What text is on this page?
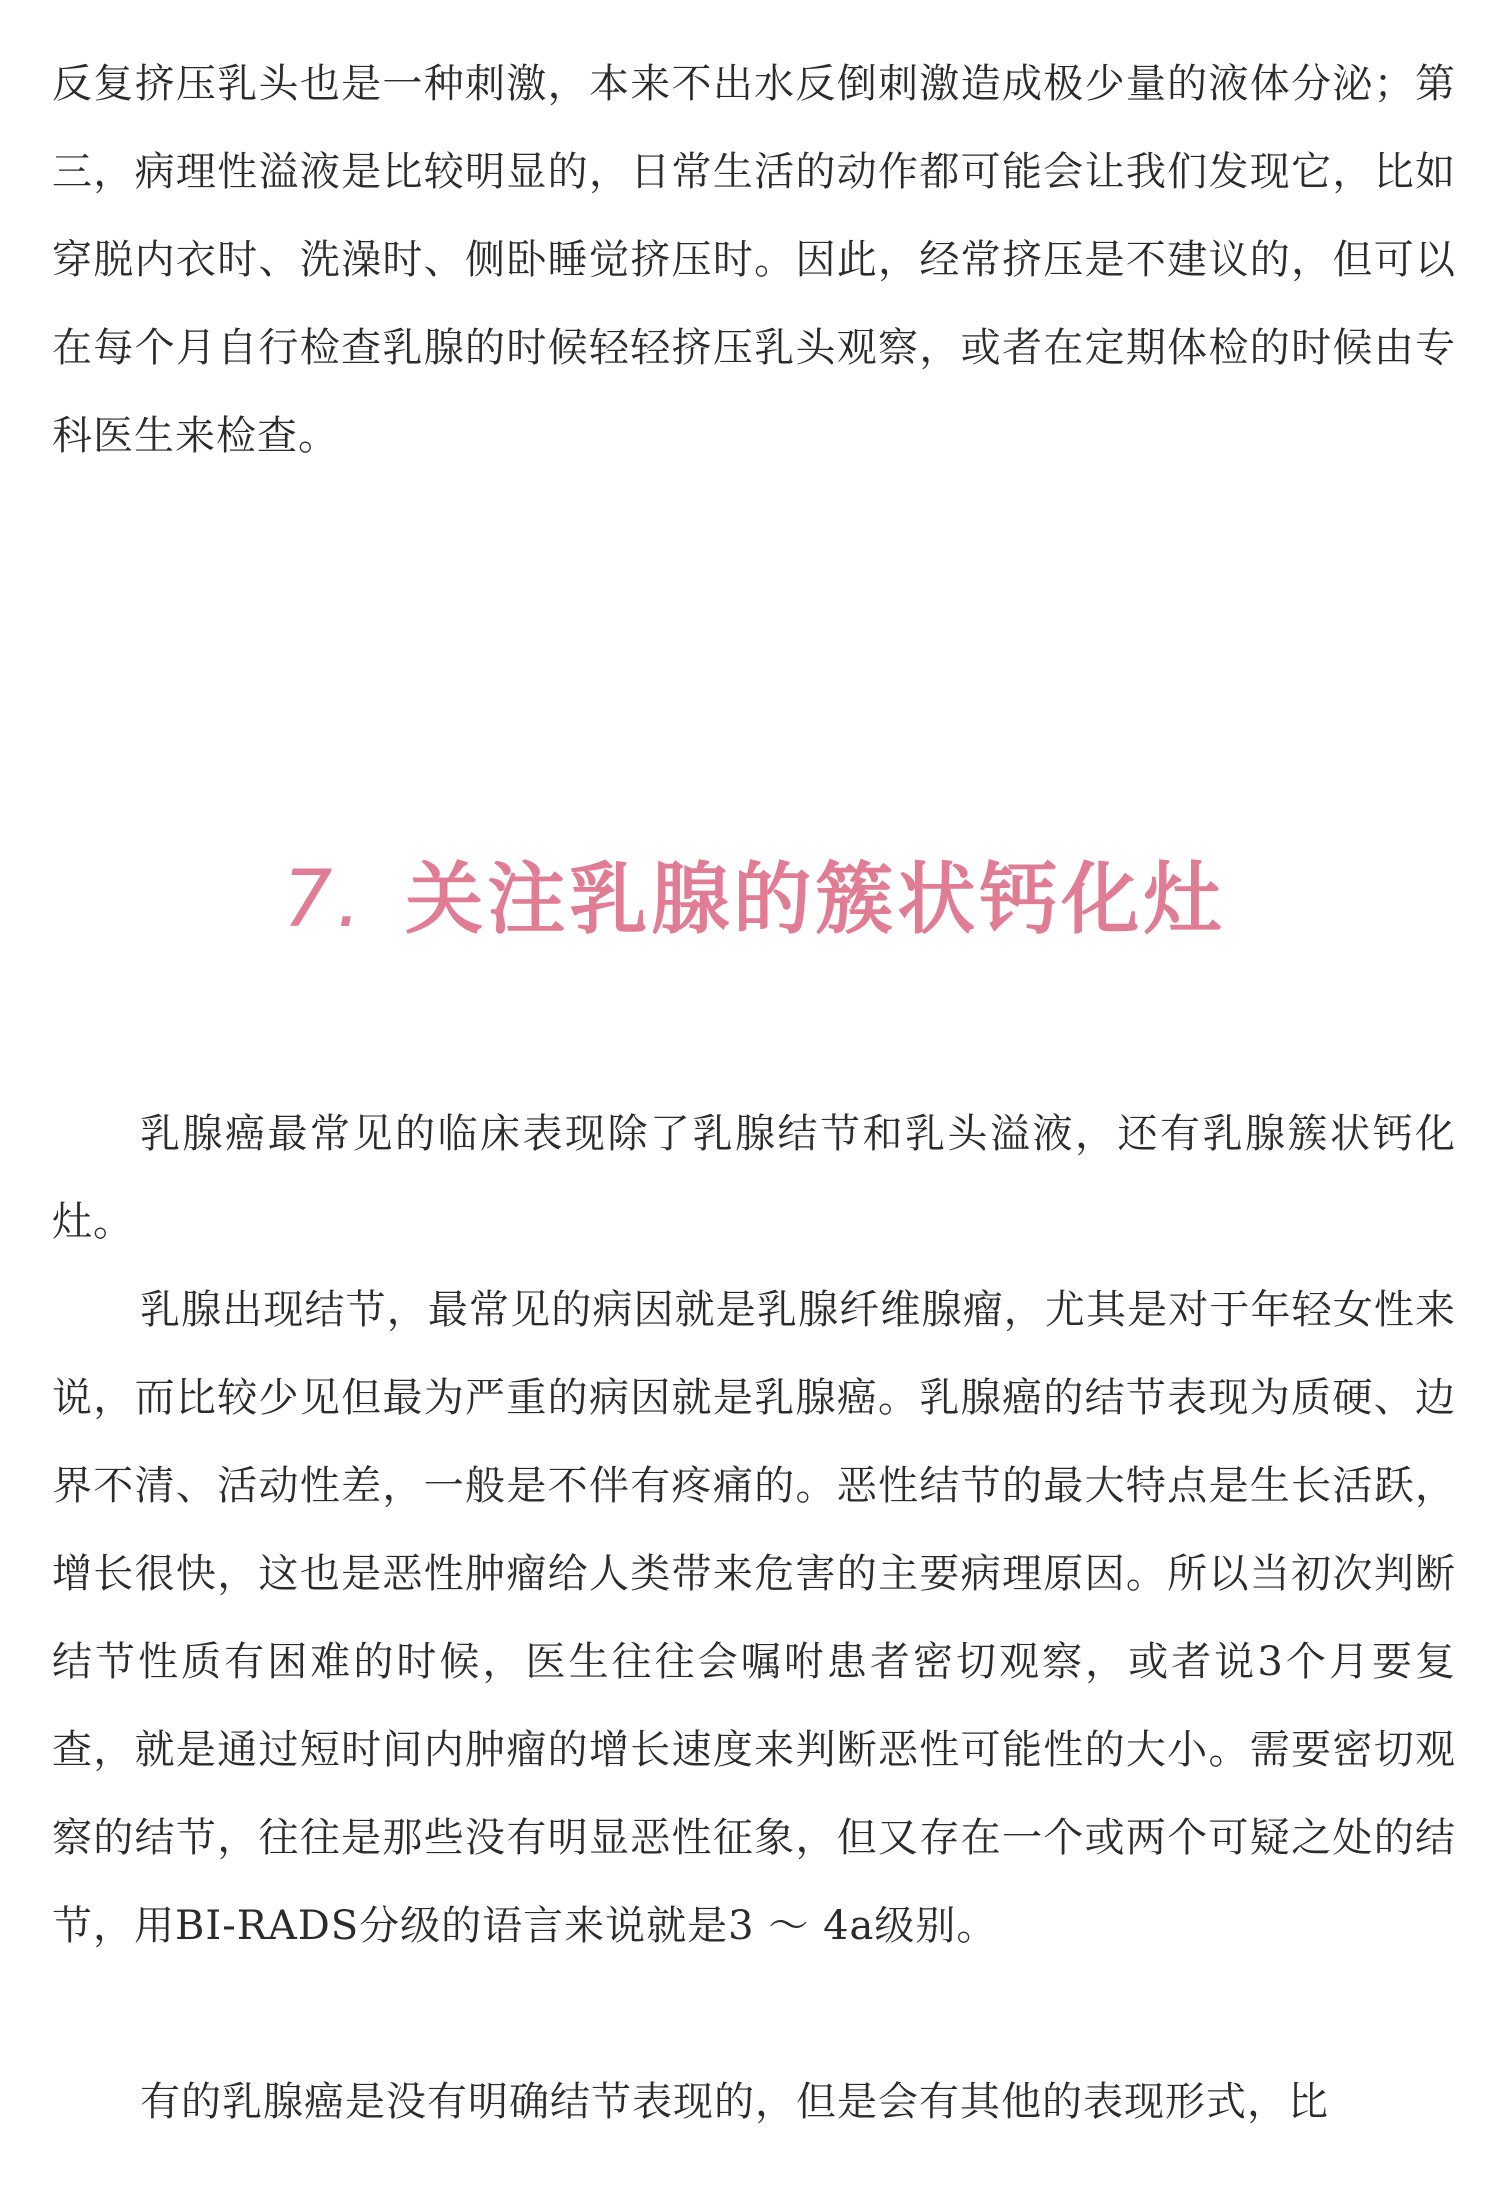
反复挤压乳头也是一种刺激，本来不出水反倒刺激造成极少量的液体分泌；第三，病理性溢液是比较明显的，日常生活的动作都可能会让我们发现它，比如穿脱内衣时、洗澡时、侧卧睡觉挤压时。因此，经常挤压是不建议的，但可以在每个月自行检查乳腺的时候轻轻挤压乳头观察，或者在定期体检的时候由专科医生来检查。

7. 关注乳腺的簇状钙化灶

乳腺癌最常见的临床表现除了乳腺结节和乳头溢液，还有乳腺簇状钙化灶。

乳腺出现结节，最常见的病因就是乳腺纤维腺瘤，尤其是对于年轻女性来说，而比较少见但最为严重的病因就是乳腺癌。乳腺癌的结节表现为质硬、边界不清、活动性差，一般是不伴有疼痛的。恶性结节的最大特点是生长活跃，增长很快，这也是恶性肿瘤给人类带来危害的主要病理原因。所以当初次判断结节性质有困难的时候，医生往往会嘱咐患者密切观察，或者说3个月要复查，就是通过短时间内肿瘤的增长速度来判断恶性可能性的大小。需要密切观察的结节，往往是那些没有明显恶性征象，但又存在一个或两个可疑之处的结节，用BI-RADS分级的语言来说就是3 ～ 4a级别。

有的乳腺癌是没有明确结节表现的，但是会有其他的表现形式，比
